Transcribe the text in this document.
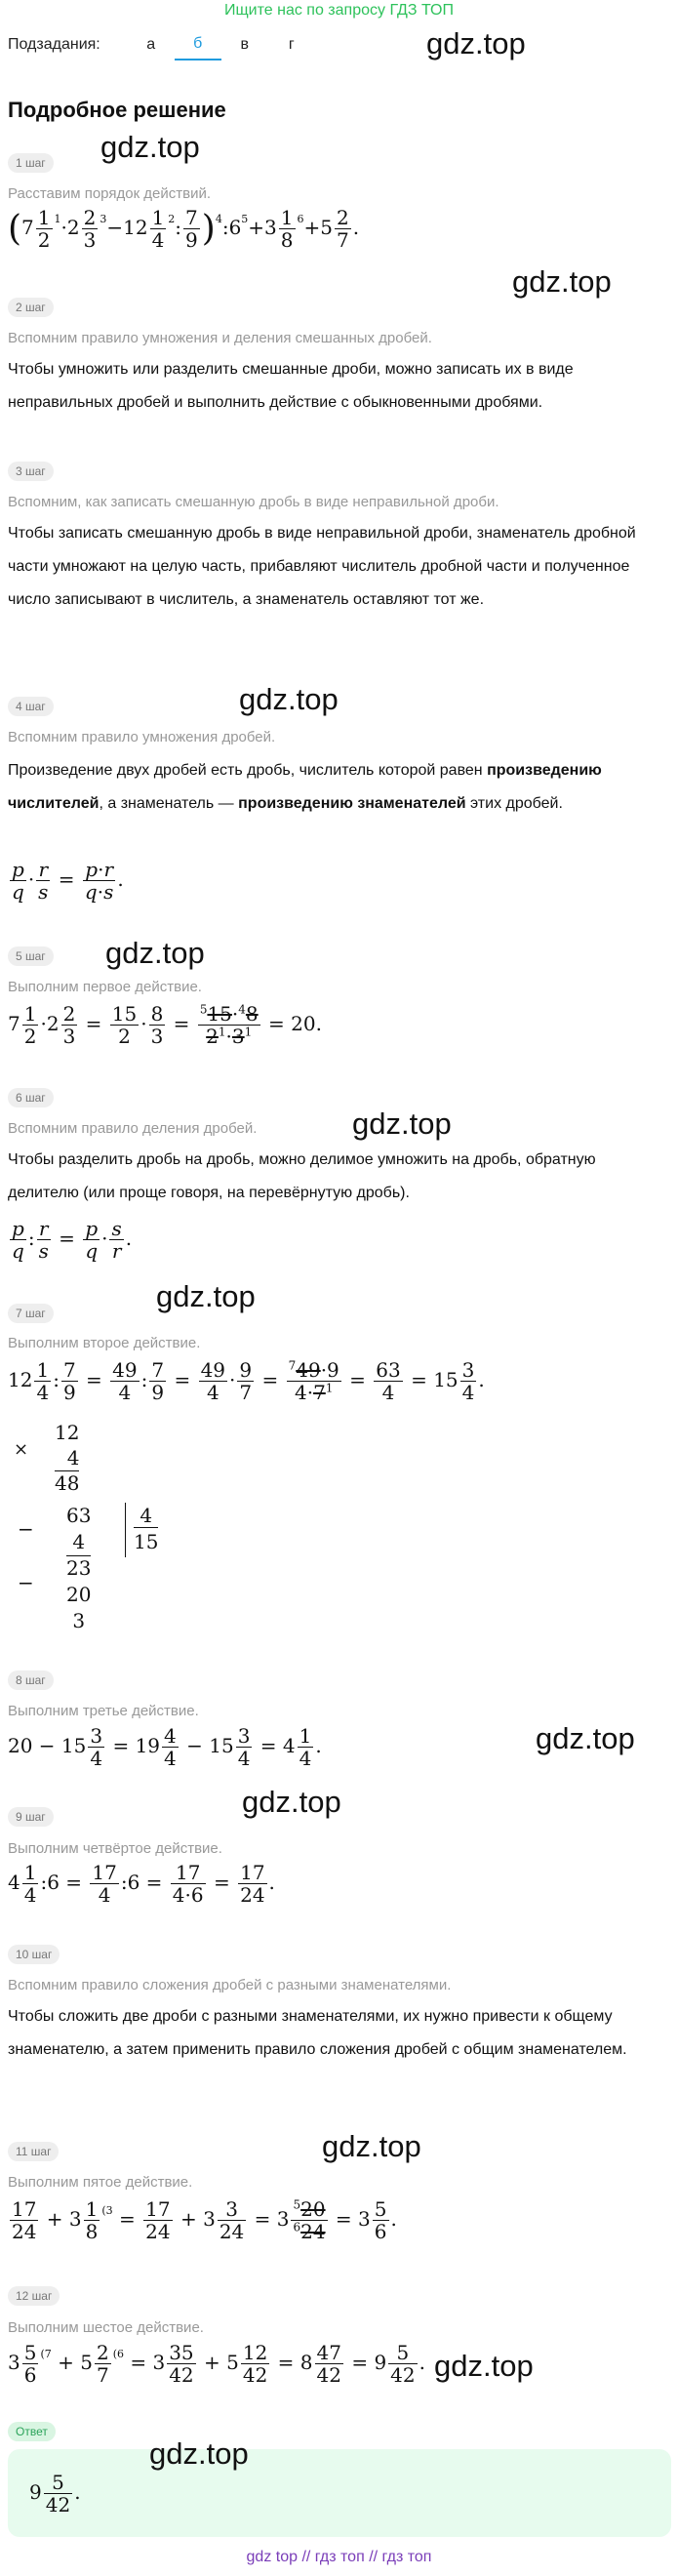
Ищите нас по запросу ГДЗ ТОП
Подзадания:	а	б	в	г	gdz.top
Подробное решение
gdz.top
1 шаг
Расставим порядок действий.
($7 \frac{1}{2} ^1\cdot 2 \frac{2}{3} ^3-12 \frac{1}{4} ^2$: $\frac{7}{9}$ )$^4:6^5+3 \frac{1}{8} ^6+5 \frac{2}{7}$ .
gdz.top
2 шаг
Вспомним правило умножения и деления смешанных дробей.
Чтобы умножить или разделить смешанные дроби, можно записать их в виде неправильных дробей и выполнить действие с обыкновенными дробями.
3 шаг
Вспомним, как записать смешанную дробь в виде неправильной дроби.
Чтобы записать смешанную дробь в виде неправильной дроби, знаменатель дробной части умножают на целую часть, прибавляют числитель дробной части и полученное число записывают в числитель, а знаменатель оставляют тот же.
gdz.top
4 шаг
Вспомним правило умножения дробей.
Произведение двух дробей есть дробь, числитель которой равен произведению числителей, а знаменатель — произведению знаменателей этих дробей.
$\frac{p}{q} \cdot \frac{r}{s} = \frac{p\cdot r}{q\cdot s}$ .
gdz.top
5 шаг
Выполним первое действие.
$7 \frac{1}{2} \cdot 2 \frac{2}{3} = \frac{15}{2} \cdot \frac{8}{3} = \frac{^515\cdot^48}{2^1\cdot 3^1} = 20$.
gdz.top
6 шаг
Вспомним правило деления дробей.
Чтобы разделить дробь на дробь, можно делимое умножить на дробь, обратную делителю (или проще говоря, на перевёрнутую дробь).
$\frac{p}{q}$ : $\frac{r}{s} = \frac{p}{q} \cdot \frac{s}{r}$ .
gdz.top
7 шаг
Выполним второе действие.
$12 \frac{1}{4}$ : $\frac{7}{9} = \frac{49}{4}$ : $\frac{7}{9} = \frac{49}{4} \cdot \frac{9}{7} = \frac{^749\cdot 9}{4\cdot 7^1} = \frac{63}{4} = 15 \frac{3}{4}$ .
×
12
4
48
−
−
63
4
23
20
3
4
15
8 шаг
Выполним третье действие.
$20 - 15 \frac{3}{4} = 19 \frac{4}{4} - 15 \frac{3}{4} = 4 \frac{1}{4}$ .	gdz.top
gdz.top
9 шаг
Выполним четвёртое действие.
$4 \frac{1}{4}$ :6 = $\frac{17}{4}$ :6 = $\frac{17}{4\cdot 6} = \frac{17}{24}$ .
10 шаг
Вспомним правило сложения дробей с разными знаменателями.
Чтобы сложить две дроби с разными знаменателями, их нужно привести к общему знаменателю, а затем применить правило сложения дробей с общим знаменателем.
gdz.top
11 шаг
Выполним пятое действие.
$\frac{17}{24} + 3 \frac{1}{8} ^{(3} = \frac{17}{24} + 3 \frac{3}{24} = 3 \frac{^520}{^624} = 3 \frac{5}{6}$ .
12 шаг
Выполним шестое действие.
$3 \frac{5}{6} ^{(7} + 5 \frac{2}{7} ^{(6} = 3 \frac{35}{42} + 5 \frac{12}{42} = 8 \frac{47}{42} = 9 \frac{5}{42}$ . gdz.top
Ответ
gdz.top
$9 \frac{5}{42}$ .
gdz top // гдз топ // гдз топ
